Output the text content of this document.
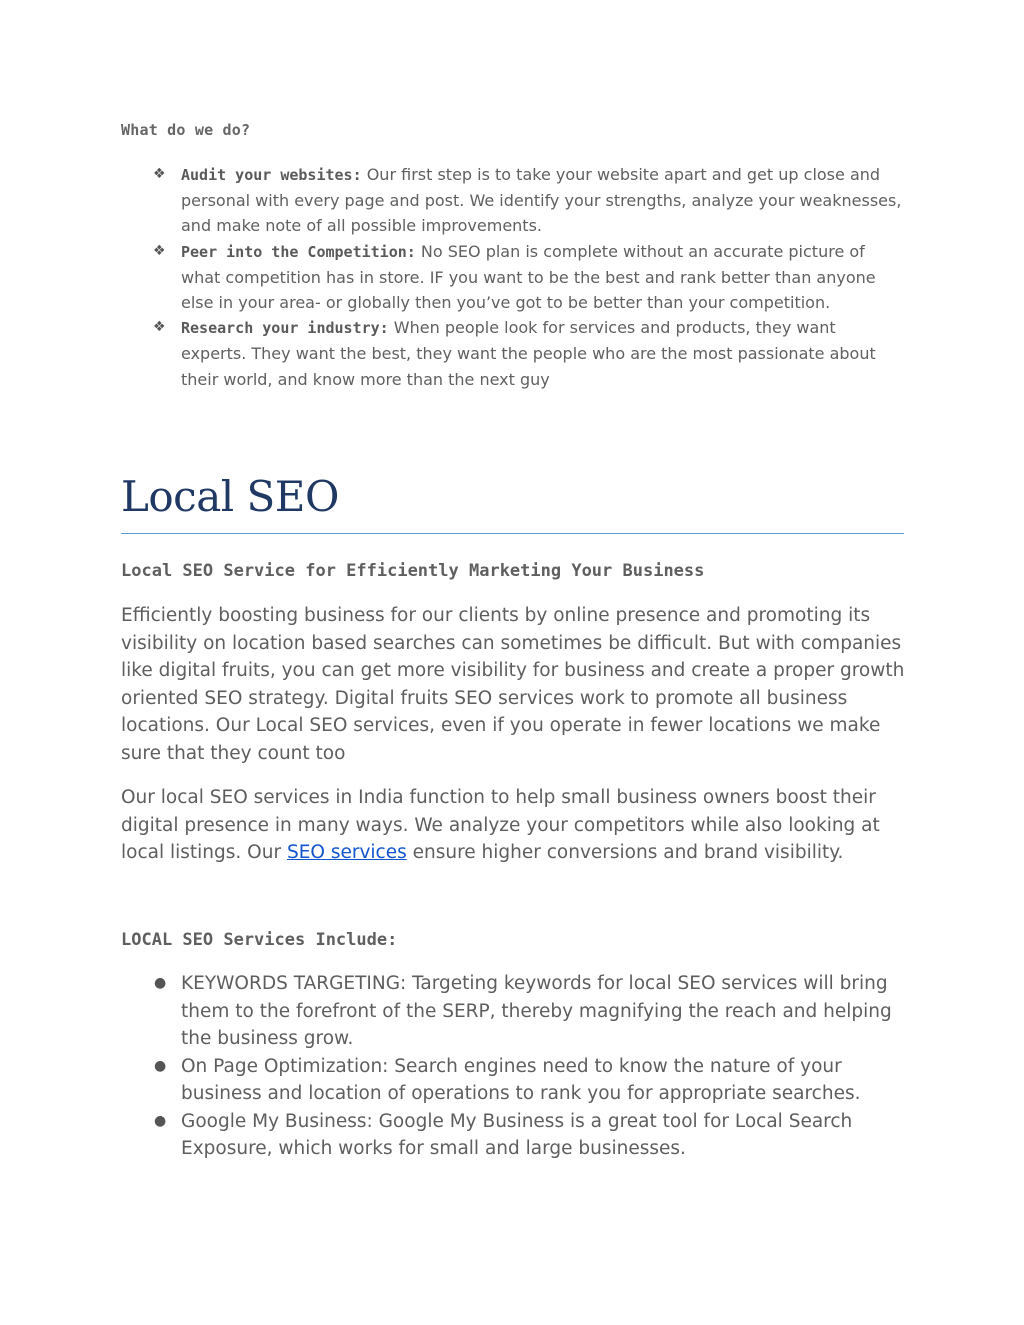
What do we do?
❖ Audit your websites: Our first step is to take your website apart and get up close and personal with every page and post. We identify your strengths, analyze your weaknesses, and make note of all possible improvements.
❖ Peer into the Competition: No SEO plan is complete without an accurate picture of what competition has in store. IF you want to be the best and rank better than anyone else in your area- or globally then you’ve got to be better than your competition.
❖ Research your industry: When people look for services and products, they want experts. They want the best, they want the people who are the most passionate about their world, and know more than the next guy
Local SEO
Local SEO Service for Efficiently Marketing Your Business

Efficiently boosting business for our clients by online presence and promoting its visibility on location based searches can sometimes be difficult. But with companies like digital fruits, you can get more visibility for business and create a proper growth oriented SEO strategy. Digital fruits SEO services work to promote all business locations. Our Local SEO services, even if you operate in fewer locations we make sure that they count too

Our local SEO services in India function to help small business owners boost their digital presence in many ways. We analyze your competitors while also looking at local listings. Our SEO services ensure higher conversions and brand visibility.

LOCAL SEO Services Include:
● KEYWORDS TARGETING: Targeting keywords for local SEO services will bring them to the forefront of the SERP, thereby magnifying the reach and helping the business grow.
● On Page Optimization: Search engines need to know the nature of your business and location of operations to rank you for appropriate searches.
● Google My Business: Google My Business is a great tool for Local Search Exposure, which works for small and large businesses.
